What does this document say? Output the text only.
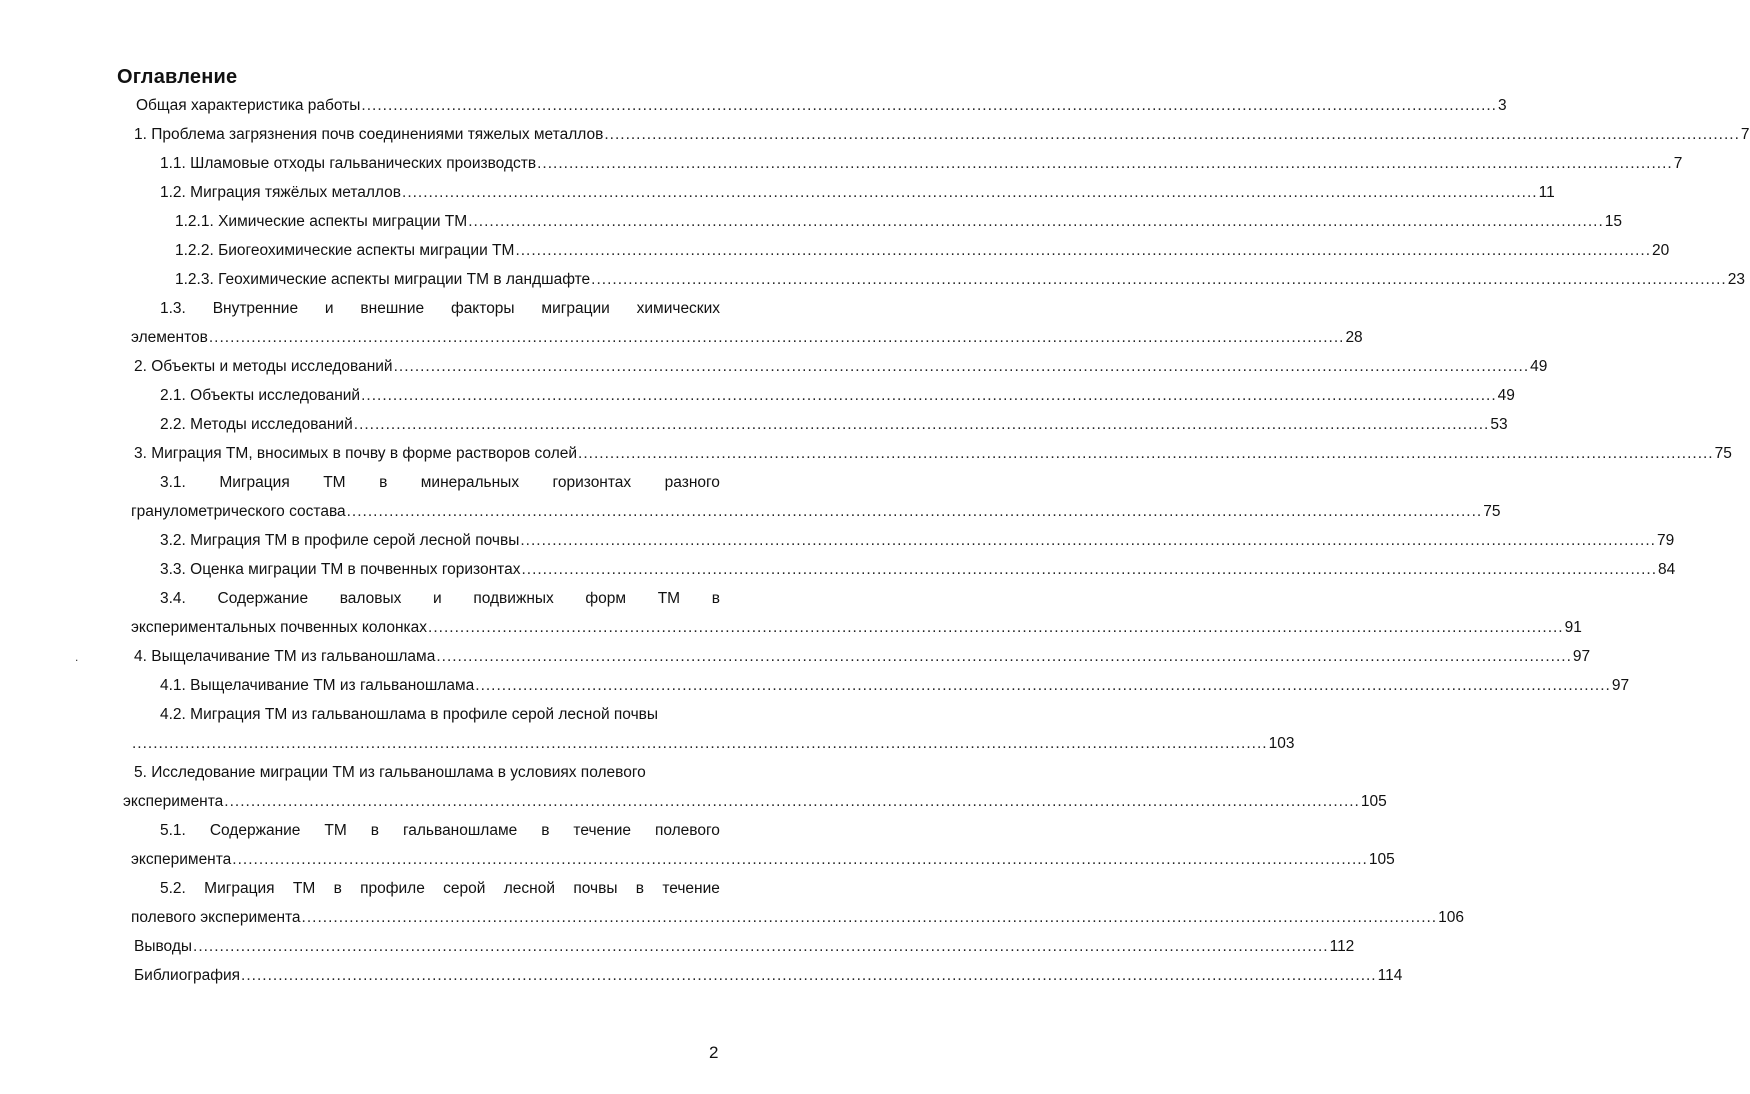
Оглавление
Общая характеристика работы ...................................................................................................................................................................................................................... 3
1. Проблема загрязнения почв соединениями тяжелых металлов ...................................................................................................................................................................................................................... 7
1.1. Шламовые отходы гальванических производств ...................................................................................................................................................................................................................... 7
1.2. Миграция тяжёлых металлов ...................................................................................................................................................................................................................... 11
1.2.1. Химические аспекты миграции ТМ ...................................................................................................................................................................................................................... 15
1.2.2. Биогеохимические аспекты миграции ТМ ...................................................................................................................................................................................................................... 20
1.2.3. Геохимические аспекты миграции ТМ в ландшафте ...................................................................................................................................................................................................................... 23
1.3. Внутренние и внешние факторы миграции химических
элементов ...................................................................................................................................................................................................................... 28
2. Объекты и методы исследований ...................................................................................................................................................................................................................... 49
2.1. Объекты исследований ...................................................................................................................................................................................................................... 49
2.2. Методы исследований ...................................................................................................................................................................................................................... 53
3. Миграция ТМ, вносимых в почву в форме растворов солей ...................................................................................................................................................................................................................... 75
3.1. Миграция ТМ в минеральных горизонтах разного
гранулометрического состава ...................................................................................................................................................................................................................... 75
3.2. Миграция ТМ в профиле серой лесной почвы ...................................................................................................................................................................................................................... 79
3.3. Оценка миграции ТМ в почвенных горизонтах ...................................................................................................................................................................................................................... 84
3.4. Содержание валовых и подвижных форм ТМ в
экспериментальных почвенных колонках ...................................................................................................................................................................................................................... 91
4. Выщелачивание ТМ из гальваношлама ...................................................................................................................................................................................................................... 97
4.1. Выщелачивание ТМ из гальваношлама ...................................................................................................................................................................................................................... 97
4.2. Миграция ТМ из гальваношлама в профиле серой лесной почвы
...................................................................................................................................................................................................................... 103
5. Исследование миграции ТМ из гальваношлама в условиях полевого
эксперимента ...................................................................................................................................................................................................................... 105
5.1. Содержание ТМ в гальваношламе в течение полевого
эксперимента ...................................................................................................................................................................................................................... 105
5.2. Миграция ТМ в профиле серой лесной почвы в течение
полевого эксперимента ...................................................................................................................................................................................................................... 106
Выводы ...................................................................................................................................................................................................................... 112
Библиография ...................................................................................................................................................................................................................... 114
.
2
